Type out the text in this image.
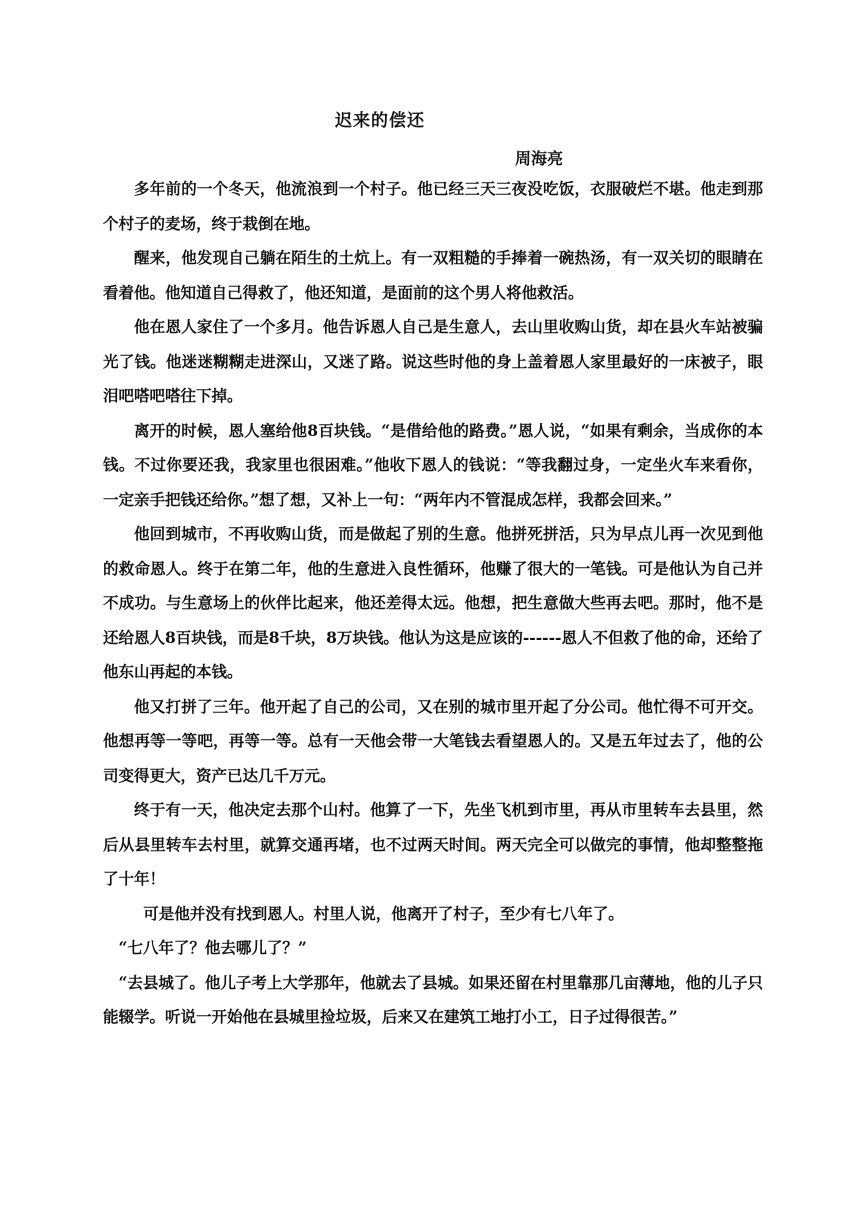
迟来的偿还
周海亮

多年前的一个冬天，他流浪到一个村子。他已经三天三夜没吃饭，衣服破烂不堪。他走到那个村子的麦场，终于栽倒在地。

醒来，他发现自己躺在陌生的土炕上。有一双粗糙的手捧着一碗热汤，有一双关切的眼睛在看着他。他知道自己得救了，他还知道，是面前的这个男人将他救活。

他在恩人家住了一个多月。他告诉恩人自己是生意人，去山里收购山货，却在县火车站被骗光了钱。他迷迷糊糊走进深山，又迷了路。说这些时他的身上盖着恩人家里最好的一床被子，眼泪吧嗒吧嗒往下掉。

离开的时候，恩人塞给他8百块钱。“是借给他的路费。”恩人说，“如果有剩余，当成你的本钱。不过你要还我，我家里也很困难。”他收下恩人的钱说：“等我翻过身，一定坐火车来看你，一定亲手把钱还给你。”想了想，又补上一句：“两年内不管混成怎样，我都会回来。”

他回到城市，不再收购山货，而是做起了别的生意。他拼死拼活，只为早点儿再一次见到他的救命恩人。终于在第二年，他的生意进入良性循环，他赚了很大的一笔钱。可是他认为自己并不成功。与生意场上的伙伴比起来，他还差得太远。他想，把生意做大些再去吧。那时，他不是还给恩人8百块钱，而是8千块，8万块钱。他认为这是应该的------恩人不但救了他的命，还给了他东山再起的本钱。

他又打拼了三年。他开起了自己的公司，又在别的城市里开起了分公司。他忙得不可开交。他想再等一等吧，再等一等。总有一天他会带一大笔钱去看望恩人的。又是五年过去了，他的公司变得更大，资产已达几千万元。

终于有一天，他决定去那个山村。他算了一下，先坐飞机到市里，再从市里转车去县里，然后从县里转车去村里，就算交通再堵，也不过两天时间。两天完全可以做完的事情，他却整整拖了十年！

可是他并没有找到恩人。村里人说，他离开了村子，至少有七八年了。

“七八年了？他去哪儿了？”

“去县城了。他儿子考上大学那年，他就去了县城。如果还留在村里靠那几亩薄地，他的儿子只能辍学。听说一开始他在县城里捡垃圾，后来又在建筑工地打小工，日子过得很苦。”
